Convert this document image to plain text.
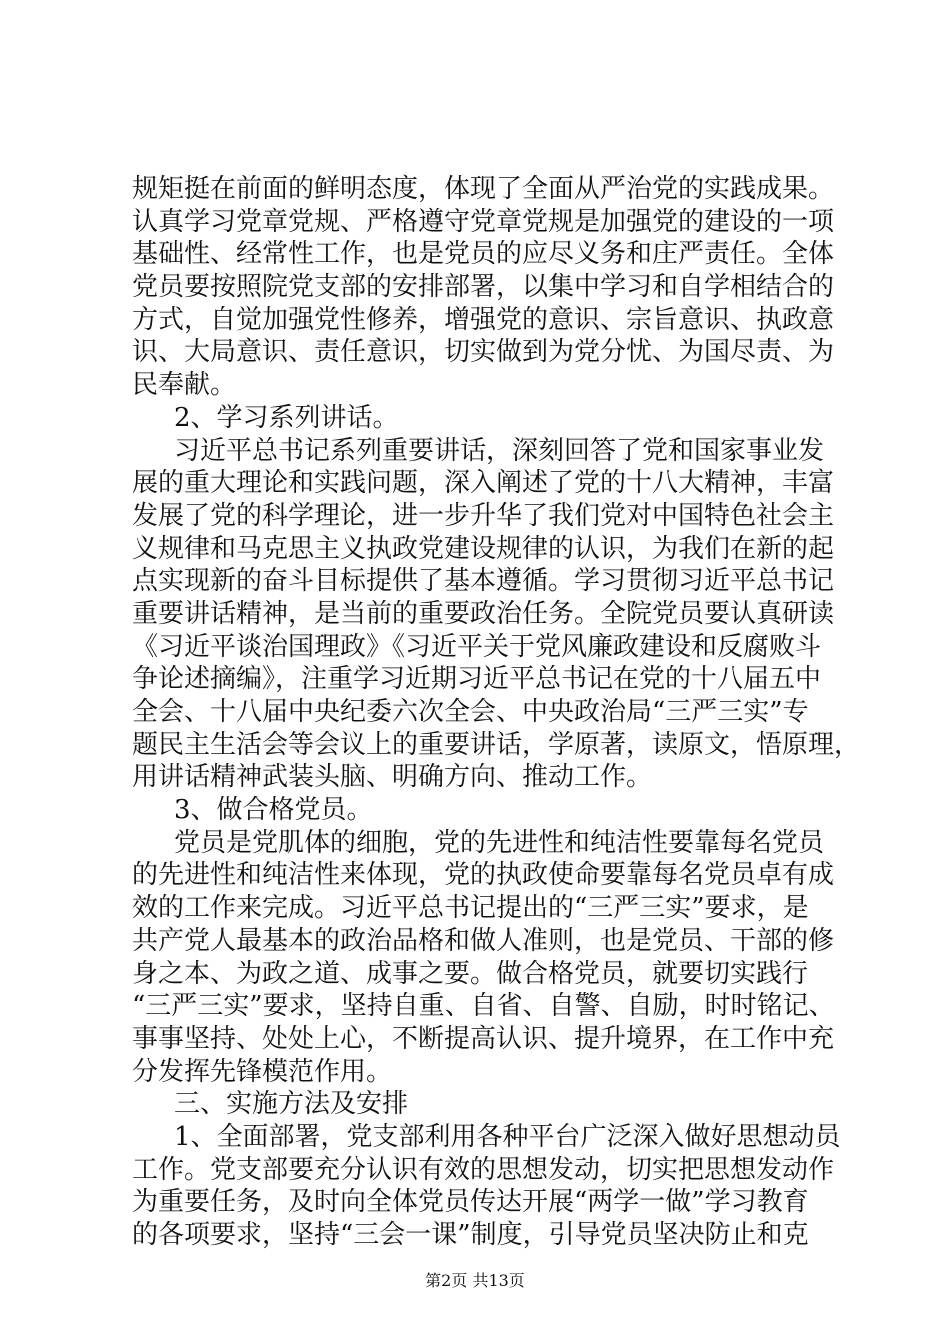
规矩挺在前面的鲜明态度，体现了全面从严治党的实践成果。
认真学习党章党规、严格遵守党章党规是加强党的建设的一项
基础性、经常性工作，也是党员的应尽义务和庄严责任。全体
党员要按照院党支部的安排部署，以集中学习和自学相结合的
方式，自觉加强党性修养，增强党的意识、宗旨意识、执政意
识、大局意识、责任意识，切实做到为党分忧、为国尽责、为
民奉献。
2、学习系列讲话。
习近平总书记系列重要讲话，深刻回答了党和国家事业发
展的重大理论和实践问题，深入阐述了党的十八大精神，丰富
发展了党的科学理论，进一步升华了我们党对中国特色社会主
义规律和马克思主义执政党建设规律的认识，为我们在新的起
点实现新的奋斗目标提供了基本遵循。学习贯彻习近平总书记
重要讲话精神，是当前的重要政治任务。全院党员要认真研读
《习近平谈治国理政》《习近平关于党风廉政建设和反腐败斗
争论述摘编》，注重学习近期习近平总书记在党的十八届五中
全会、十八届中央纪委六次全会、中央政治局“三严三实”专
题民主生活会等会议上的重要讲话，学原著，读原文，悟原理，
用讲话精神武装头脑、明确方向、推动工作。
3、做合格党员。
党员是党肌体的细胞，党的先进性和纯洁性要靠每名党员
的先进性和纯洁性来体现，党的执政使命要靠每名党员卓有成
效的工作来完成。习近平总书记提出的“三严三实”要求，是
共产党人最基本的政治品格和做人准则，也是党员、干部的修
身之本、为政之道、成事之要。做合格党员，就要切实践行
“三严三实”要求，坚持自重、自省、自警、自励，时时铭记、
事事坚持、处处上心，不断提高认识、提升境界，在工作中充
分发挥先锋模范作用。
三、实施方法及安排
1、全面部署，党支部利用各种平台广泛深入做好思想动员
工作。党支部要充分认识有效的思想发动，切实把思想发动作
为重要任务，及时向全体党员传达开展“两学一做”学习教育
的各项要求，坚持“三会一课”制度，引导党员坚决防止和克
第2页 共13页
